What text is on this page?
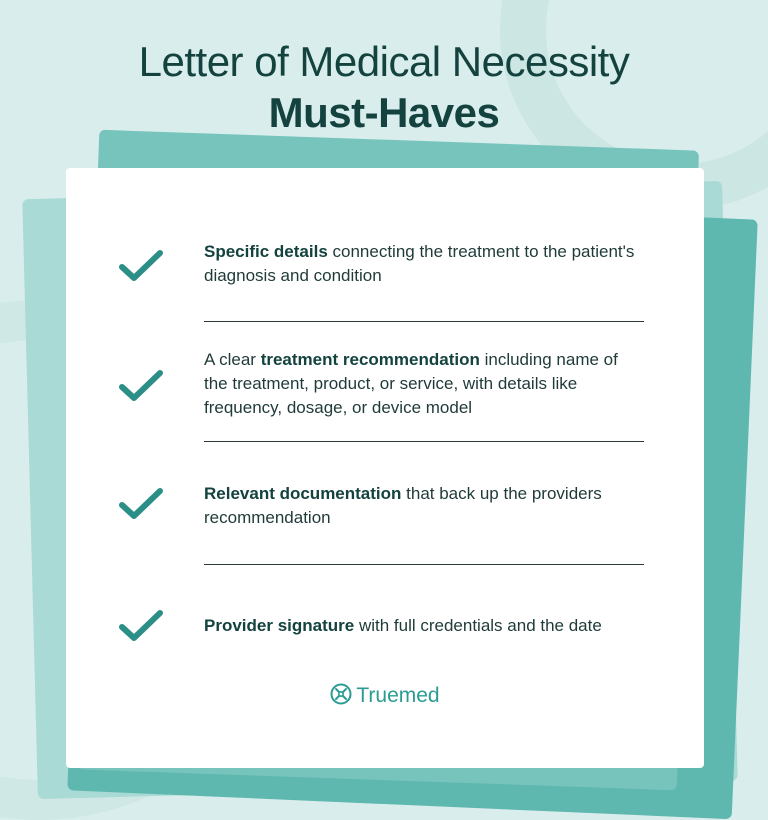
Letter of Medical Necessity
Must-Haves
Specific details connecting the treatment to the patient's diagnosis and condition
A clear treatment recommendation including name of the treatment, product, or service, with details like frequency, dosage, or device model
Relevant documentation that back up the providers recommendation
Provider signature with full credentials and the date
Truemed
